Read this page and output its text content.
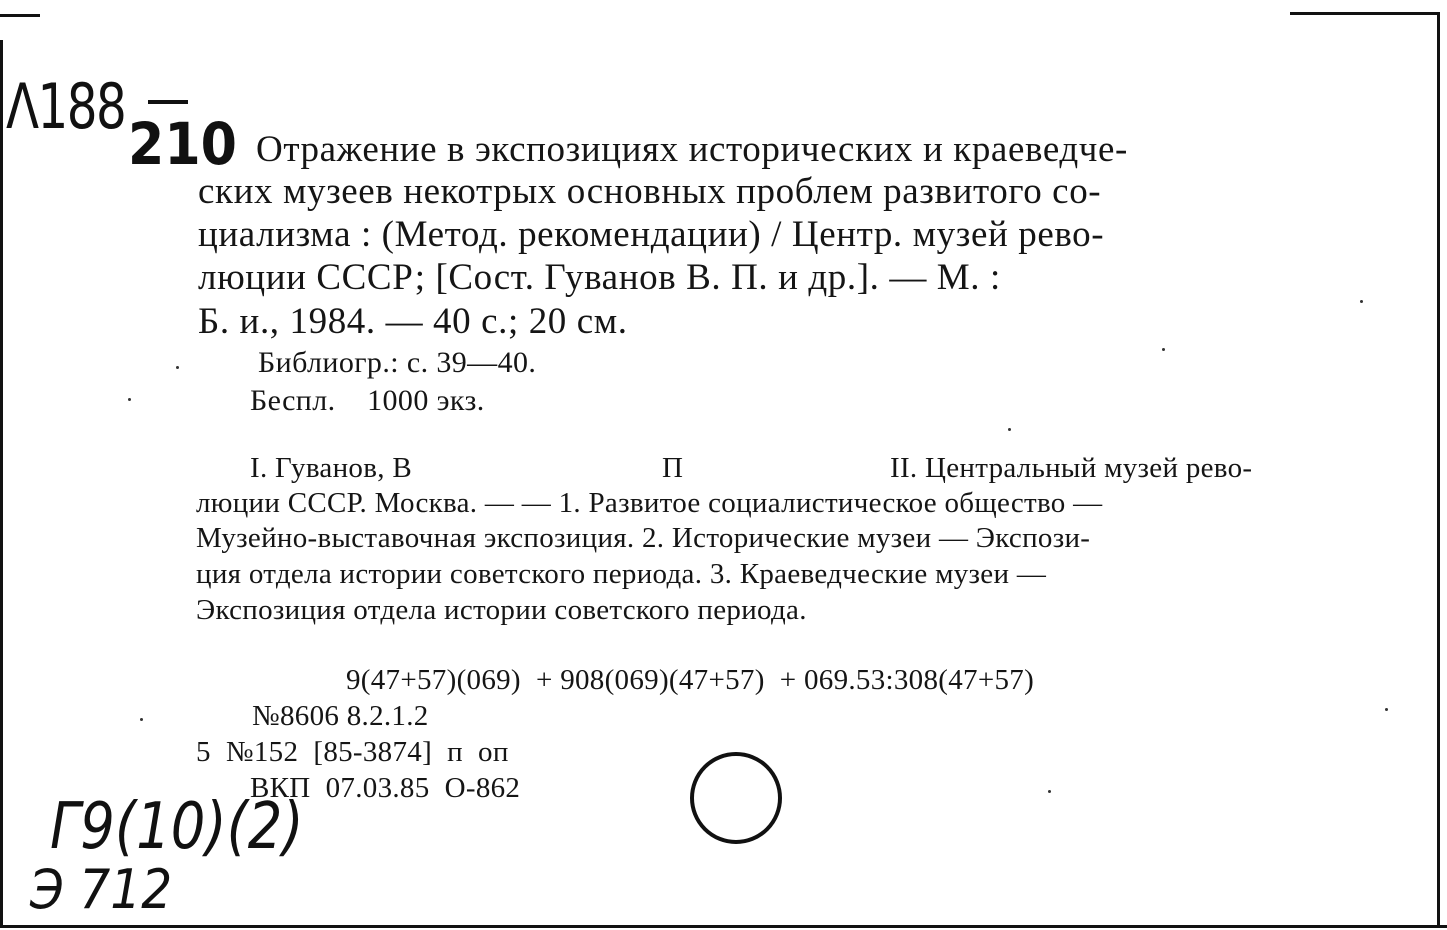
Λ188
210
Г9(10)(2)
Э 712
Отражение в экспозициях исторических и краеведче-
ских музеев некотрых основных проблем развитого со-
циализма : (Метод. рекомендации) / Центр. музей рево-
люции СССР; [Сост. Гуванов В. П. и др.]. — М. :
Б. и., 1984. — 40 с.; 20 см.
Библиогр.: с. 39—40.
Беспл.    1000 экз.
I. Гуванов, В	П	II. Центральный музей рево-
люции СССР. Москва. — — 1. Развитое социалистическое общество —
Музейно-выставочная экспозиция. 2. Исторические музеи — Экспози-
ция отдела истории советского периода. 3. Краеведческие музеи —
Экспозиция отдела истории советского периода.
9(47+57)(069)  + 908(069)(47+57)  + 069.53:308(47+57)
№8606 8.2.1.2
5  №152  [85-3874]  п  оп
ВКП  07.03.85  О-862
